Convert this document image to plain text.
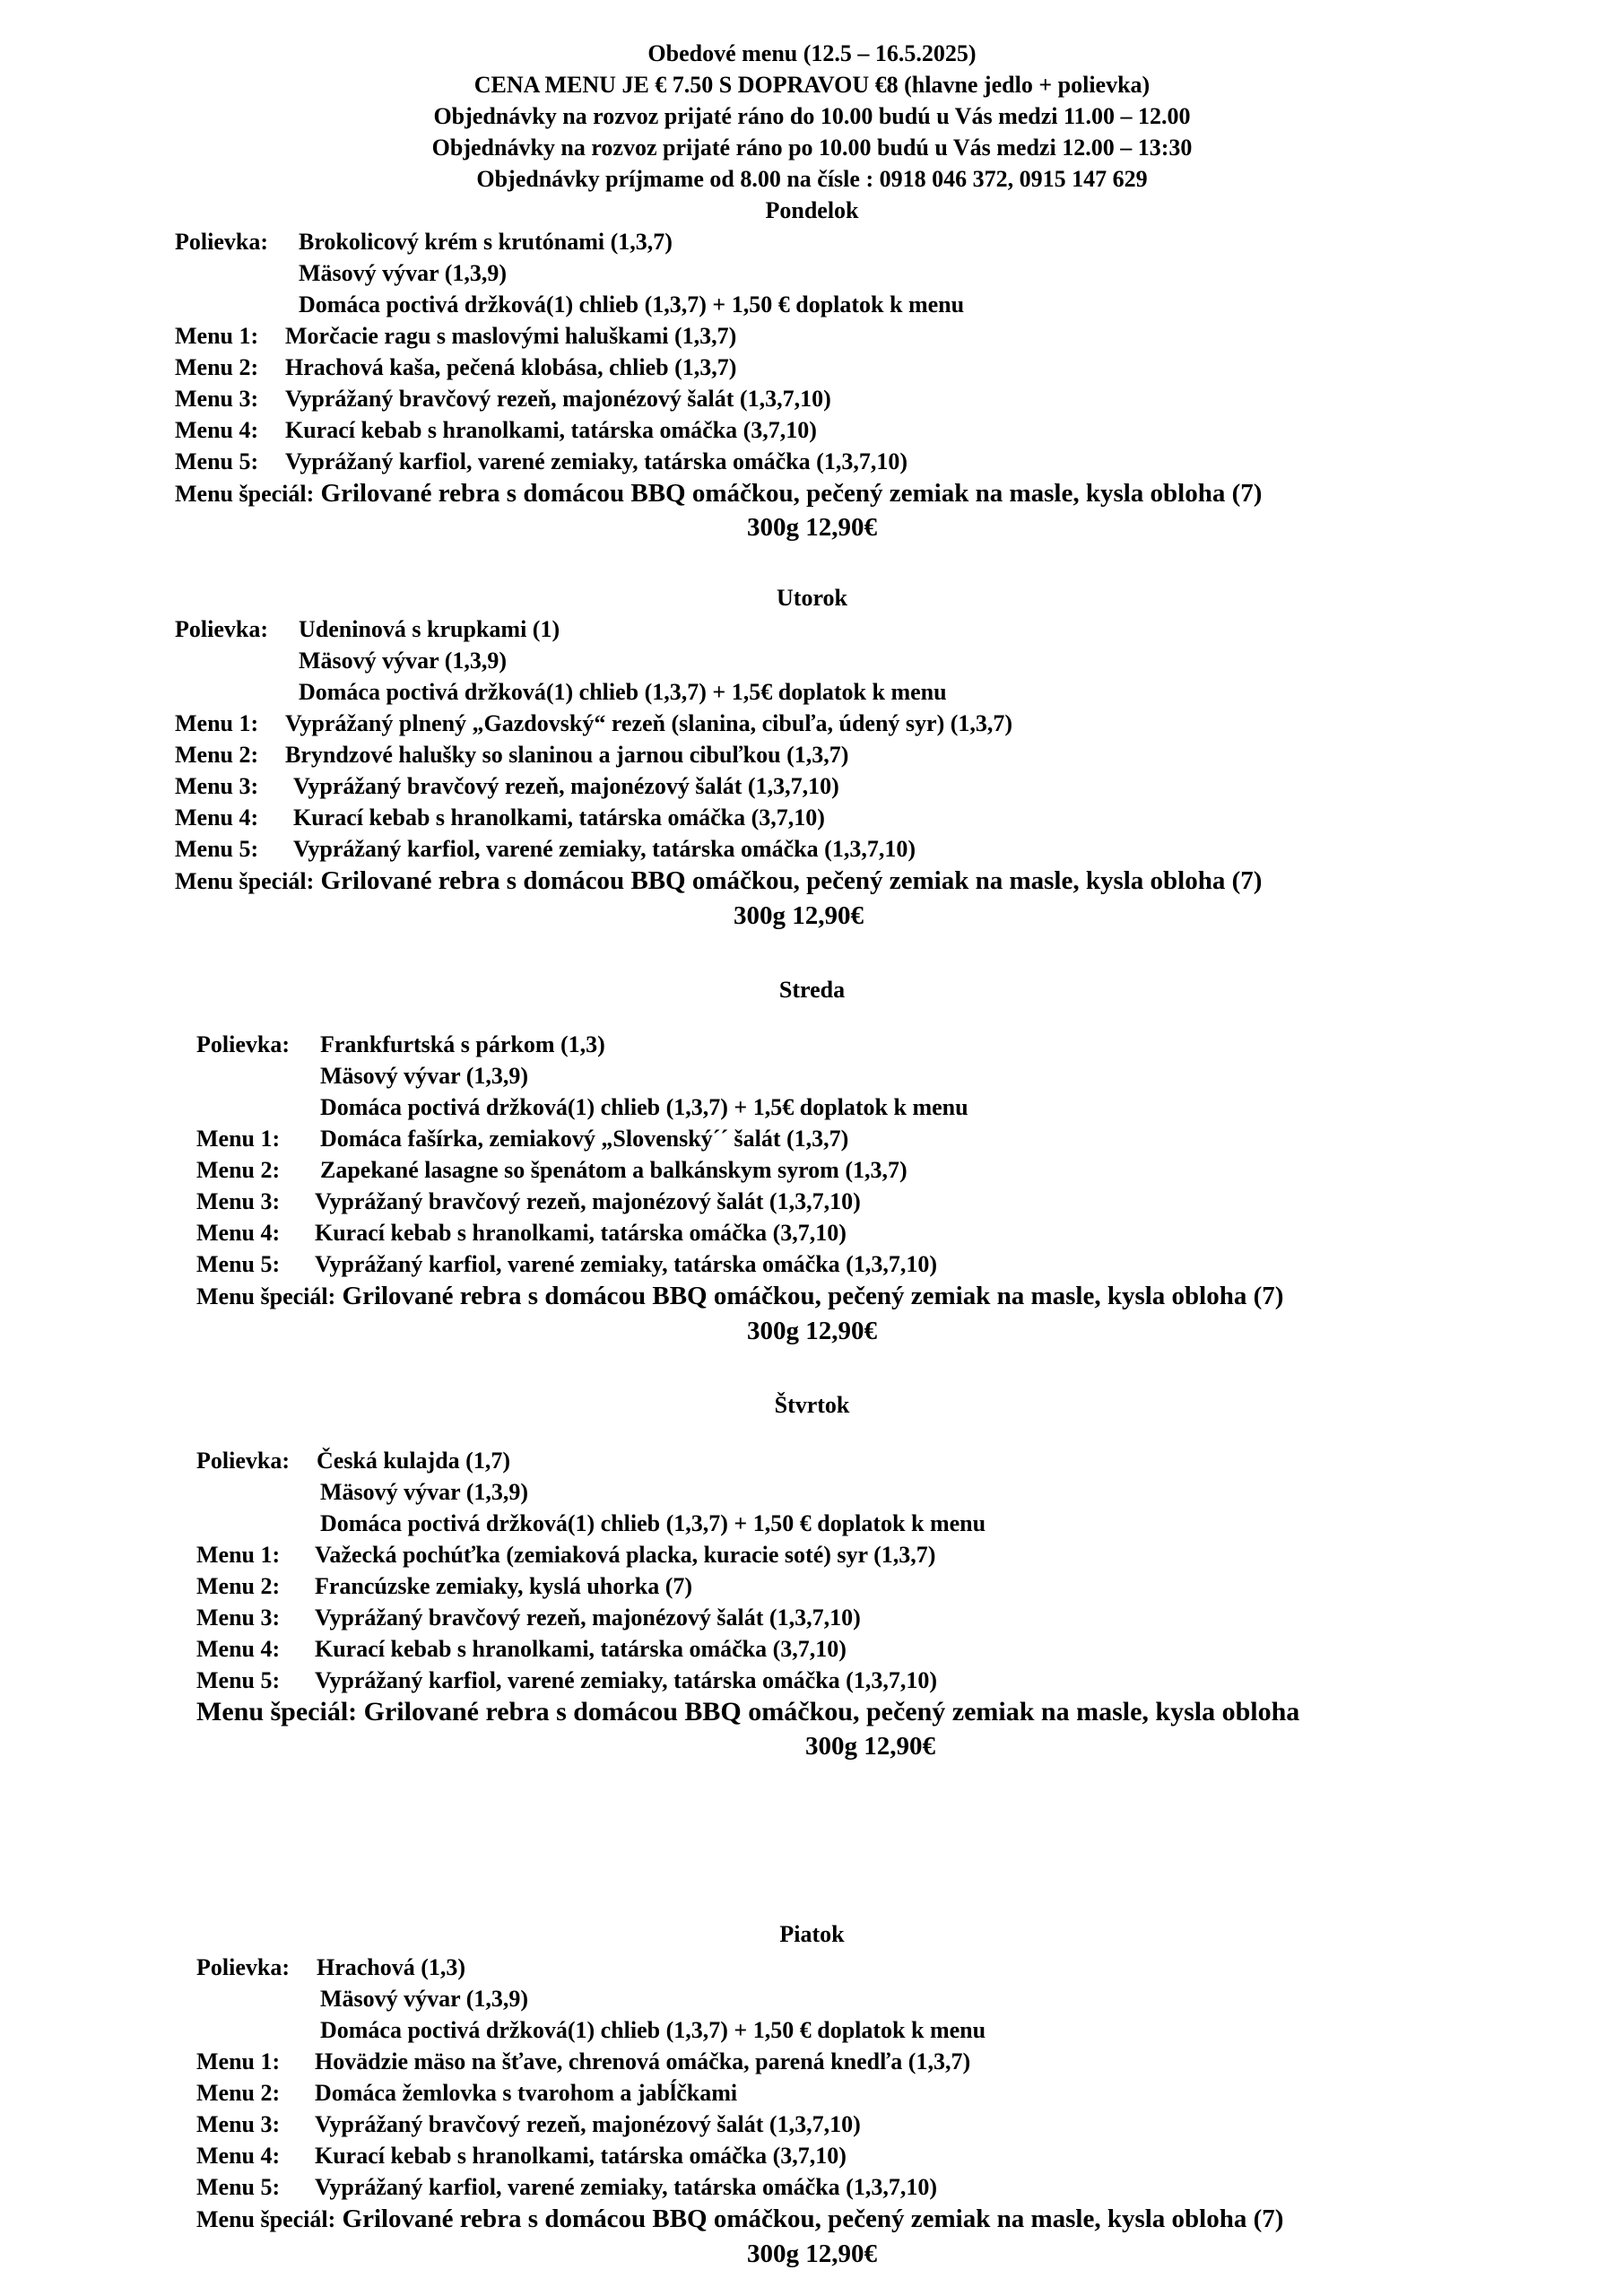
Obedové menu (12.5 – 16.5.2025)
CENA MENU JE € 7.50 S DOPRAVOU €8 (hlavne jedlo + polievka)
Objednávky na rozvoz prijaté ráno do 10.00 budú u Vás medzi 11.00 – 12.00
Objednávky na rozvoz prijaté ráno po 10.00 budú u Vás medzi 12.00 – 13:30
Objednávky príjmame od 8.00 na čísle : 0918 046 372, 0915 147 629
Pondelok
Polievka: Brokolicový krém s krutónami (1,3,7)
Mäsový vývar (1,3,9)
Domáca poctivá držková(1) chlieb (1,3,7) + 1,50 € doplatok k menu
Menu 1: Morčacie ragu s maslovými haluškami (1,3,7)
Menu 2: Hrachová kaša, pečená klobása, chlieb (1,3,7)
Menu 3: Vyprážaný bravčový rezeň, majonézový šalát (1,3,7,10)
Menu 4: Kurací kebab s hranolkami, tatárska omáčka (3,7,10)
Menu 5: Vyprážaný karfiol, varené zemiaky, tatárska omáčka (1,3,7,10)
Menu špeciál: Grilované rebra s domácou BBQ omáčkou, pečený zemiak na masle, kysla obloha (7)
300g 12,90€
Utorok
Polievka: Udeninová s krupkami (1)
Mäsový vývar (1,3,9)
Domáca poctivá držková(1) chlieb (1,3,7) + 1,5€ doplatok k menu
Menu 1: Vyprážaný plnený „Gazdovský“ rezeň (slanina, cibuľa, údený syr) (1,3,7)
Menu 2: Bryndzové halušky so slaninou a jarnou cibuľkou (1,3,7)
Menu 3: Vyprážaný bravčový rezeň, majonézový šalát (1,3,7,10)
Menu 4: Kurací kebab s hranolkami, tatárska omáčka (3,7,10)
Menu 5: Vyprážaný karfiol, varené zemiaky, tatárska omáčka (1,3,7,10)
Menu špeciál: Grilované rebra s domácou BBQ omáčkou, pečený zemiak na masle, kysla obloha (7)
300g 12,90€
Streda
Polievka: Frankfurtská s párkom (1,3)
Mäsový vývar (1,3,9)
Domáca poctivá držková(1) chlieb (1,3,7) + 1,5€ doplatok k menu
Menu 1: Domáca fašírka, zemiakový „Slovenský´´ šalát (1,3,7)
Menu 2: Zapekané lasagne so špenátom a balkánskym syrom (1,3,7)
Menu 3: Vyprážaný bravčový rezeň, majonézový šalát (1,3,7,10)
Menu 4: Kurací kebab s hranolkami, tatárska omáčka (3,7,10)
Menu 5: Vyprážaný karfiol, varené zemiaky, tatárska omáčka (1,3,7,10)
Menu špeciál: Grilované rebra s domácou BBQ omáčkou, pečený zemiak na masle, kysla obloha (7)
300g 12,90€
Štvrtok
Polievka: Česká kulajda (1,7)
Mäsový vývar (1,3,9)
Domáca poctivá držková(1) chlieb (1,3,7) + 1,50 € doplatok k menu
Menu 1: Važecká pochúťka (zemiaková placka, kuracie soté) syr (1,3,7)
Menu 2: Francúzske zemiaky, kyslá uhorka (7)
Menu 3: Vyprážaný bravčový rezeň, majonézový šalát (1,3,7,10)
Menu 4: Kurací kebab s hranolkami, tatárska omáčka (3,7,10)
Menu 5: Vyprážaný karfiol, varené zemiaky, tatárska omáčka (1,3,7,10)
Menu špeciál: Grilované rebra s domácou BBQ omáčkou, pečený zemiak na masle, kysla obloha
300g 12,90€
Piatok
Polievka: Hrachová (1,3)
Mäsový vývar (1,3,9)
Domáca poctivá držková(1) chlieb (1,3,7) + 1,50 € doplatok k menu
Menu 1: Hovädzie mäso na šťave, chrenová omáčka, parená knedľa (1,3,7)
Menu 2: Domáca žemlovka s tvarohom a jabĺčkami
Menu 3: Vyprážaný bravčový rezeň, majonézový šalát (1,3,7,10)
Menu 4: Kurací kebab s hranolkami, tatárska omáčka (3,7,10)
Menu 5: Vyprážaný karfiol, varené zemiaky, tatárska omáčka (1,3,7,10)
Menu špeciál: Grilované rebra s domácou BBQ omáčkou, pečený zemiak na masle, kysla obloha (7)
300g 12,90€
